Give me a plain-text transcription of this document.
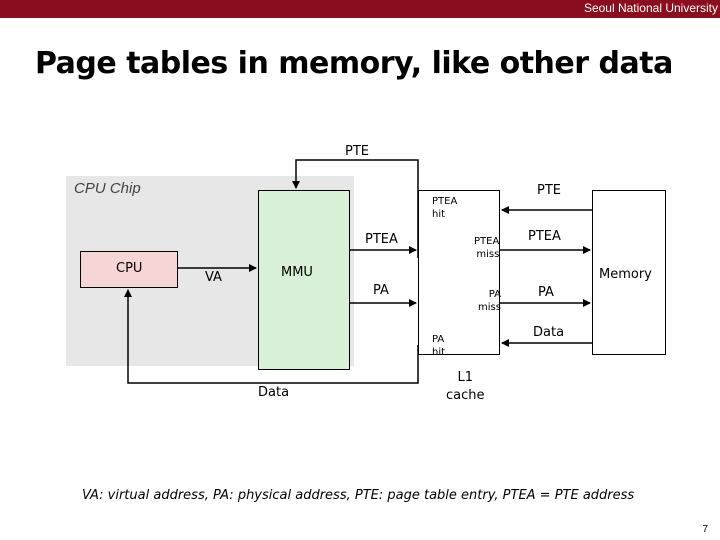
Seoul National University
Page tables in memory, like other data
CPU Chip
CPU	MMU	Memory
PTE
VA
PTEA
PA
Data
PTEA
hit
PTEA
miss
PA
miss
PA
hit
PTE
PTEA
PA
Data
L1
cache
VA: virtual address, PA: physical address, PTE: page table entry, PTEA = PTE address
7
